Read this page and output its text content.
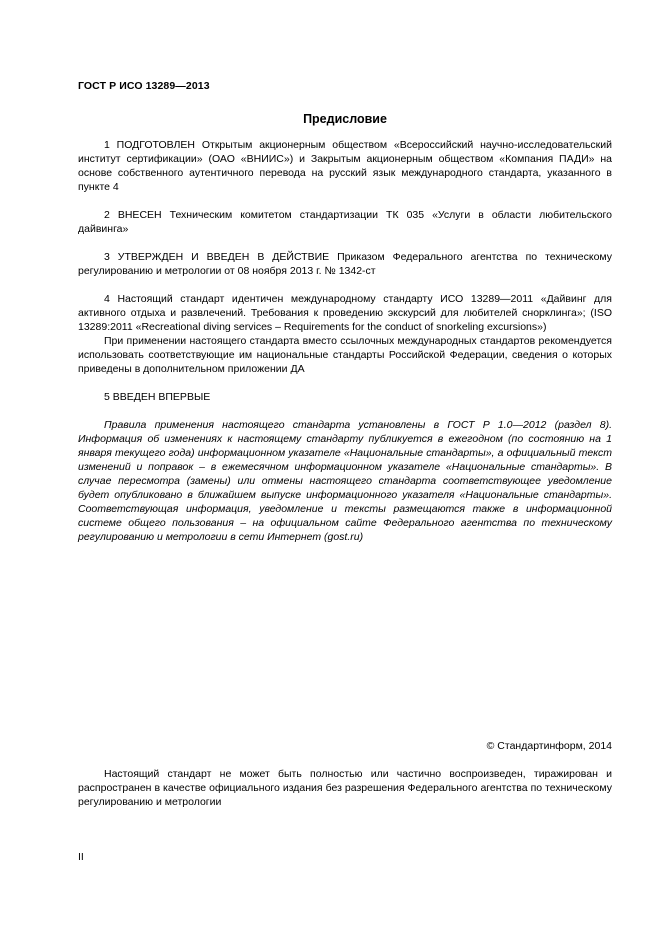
ГОСТ Р ИСО 13289—2013
Предисловие

1 ПОДГОТОВЛЕН Открытым акционерным обществом «Всероссийский научно-исследовательский институт сертификации» (ОАО «ВНИИС») и Закрытым акционерным обществом «Компания ПАДИ» на основе собственного аутентичного перевода на русский язык международного стандарта, указанного в пункте 4

2 ВНЕСЕН Техническим комитетом стандартизации ТК 035 «Услуги в области любительского дайвинга»

3 УТВЕРЖДЕН И ВВЕДЕН В ДЕЙСТВИЕ Приказом Федерального агентства по техническому регулированию и метрологии от 08 ноября 2013 г. № 1342-ст

4 Настоящий стандарт идентичен международному стандарту ИСО 13289—2011 «Дайвинг для активного отдыха и развлечений. Требования к проведению экскурсий для любителей снорклинга»; (ISO 13289:2011 «Recreational diving services – Requirements for the conduct of snorkeling excursions»)

При применении настоящего стандарта вместо ссылочных международных стандартов рекомендуется использовать соответствующие им национальные стандарты Российской Федерации, сведения о которых приведены в дополнительном приложении ДА

5 ВВЕДЕН ВПЕРВЫЕ

Правила применения настоящего стандарта установлены в ГОСТ Р 1.0—2012 (раздел 8). Информация об изменениях к настоящему стандарту публикуется в ежегодном (по состоянию на 1 января текущего года) информационном указателе «Национальные стандарты», а официальный текст изменений и поправок – в ежемесячном информационном указателе «Национальные стандарты». В случае пересмотра (замены) или отмены настоящего стандарта соответствующее уведомление будет опубликовано в ближайшем выпуске информационного указателя «Национальные стандарты». Соответствующая информация, уведомление и тексты размещаются также в информационной системе общего пользования – на официальном сайте Федерального агентства по техническому регулированию и метрологии в сети Интернет (gost.ru)

© Стандартинформ, 2014

Настоящий стандарт не может быть полностью или частично воспроизведен, тиражирован и распространен в качестве официального издания без разрешения Федерального агентства по техническому регулированию и метрологии

II
